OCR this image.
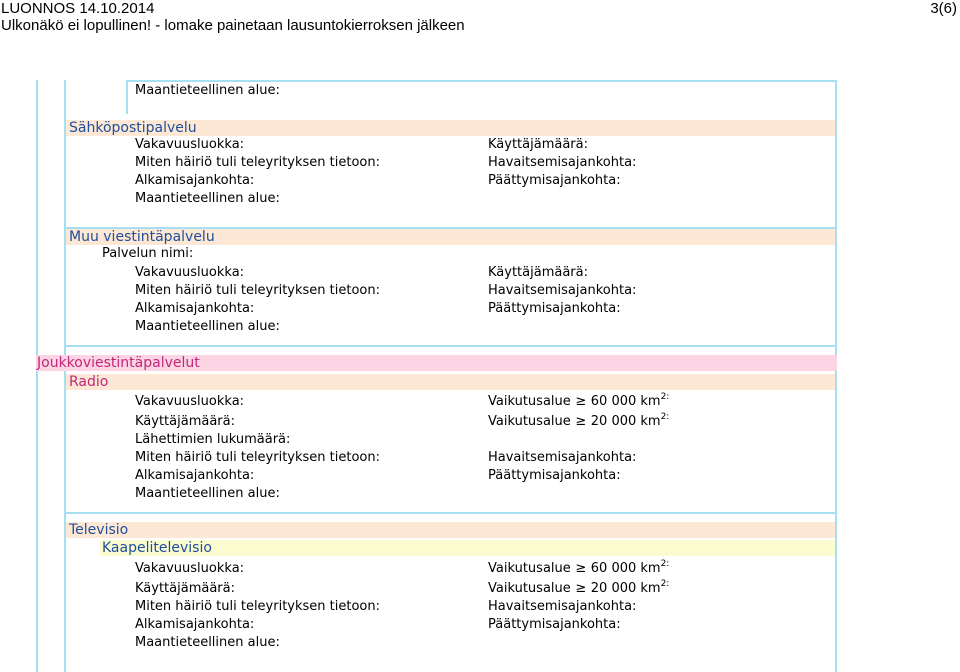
LUONNOS 14.10.2014
Ulkonäkö ei lopullinen! - lomake painetaan lausuntokierroksen jälkeen
3(6)
Maantieteellinen alue:
Sähköpostipalvelu
Vakavuusluokka:
Miten häiriö tuli teleyrityksen tietoon:
Alkamisajankohta:
Maantieteellinen alue:
Käyttäjämäärä:
Havaitsemisajankohta:
Päättymisajankohta:
Muu viestintäpalvelu
Palvelun nimi:
Vakavuusluokka:
Miten häiriö tuli teleyrityksen tietoon:
Alkamisajankohta:
Maantieteellinen alue:
Käyttäjämäärä:
Havaitsemisajankohta:
Päättymisajankohta:
Joukkoviestintäpalvelut
Radio
Vakavuusluokka:
Käyttäjämäärä:
Lähettimien lukumäärä:
Miten häiriö tuli teleyrityksen tietoon:
Alkamisajankohta:
Maantieteellinen alue:
Vaikutusalue ≥ 60 000 $km^{2:}$
Vaikutusalue ≥ 20 000 $km^{2:}$
Havaitsemisajankohta:
Päättymisajankohta:
Televisio
Kaapelitelevisio
Vakavuusluokka:
Käyttäjämäärä:
Miten häiriö tuli teleyrityksen tietoon:
Alkamisajankohta:
Maantieteellinen alue:
Vaikutusalue ≥ 60 000 $km^{2:}$
Vaikutusalue ≥ 20 000 $km^{2:}$
Havaitsemisajankohta:
Päättymisajankohta:
